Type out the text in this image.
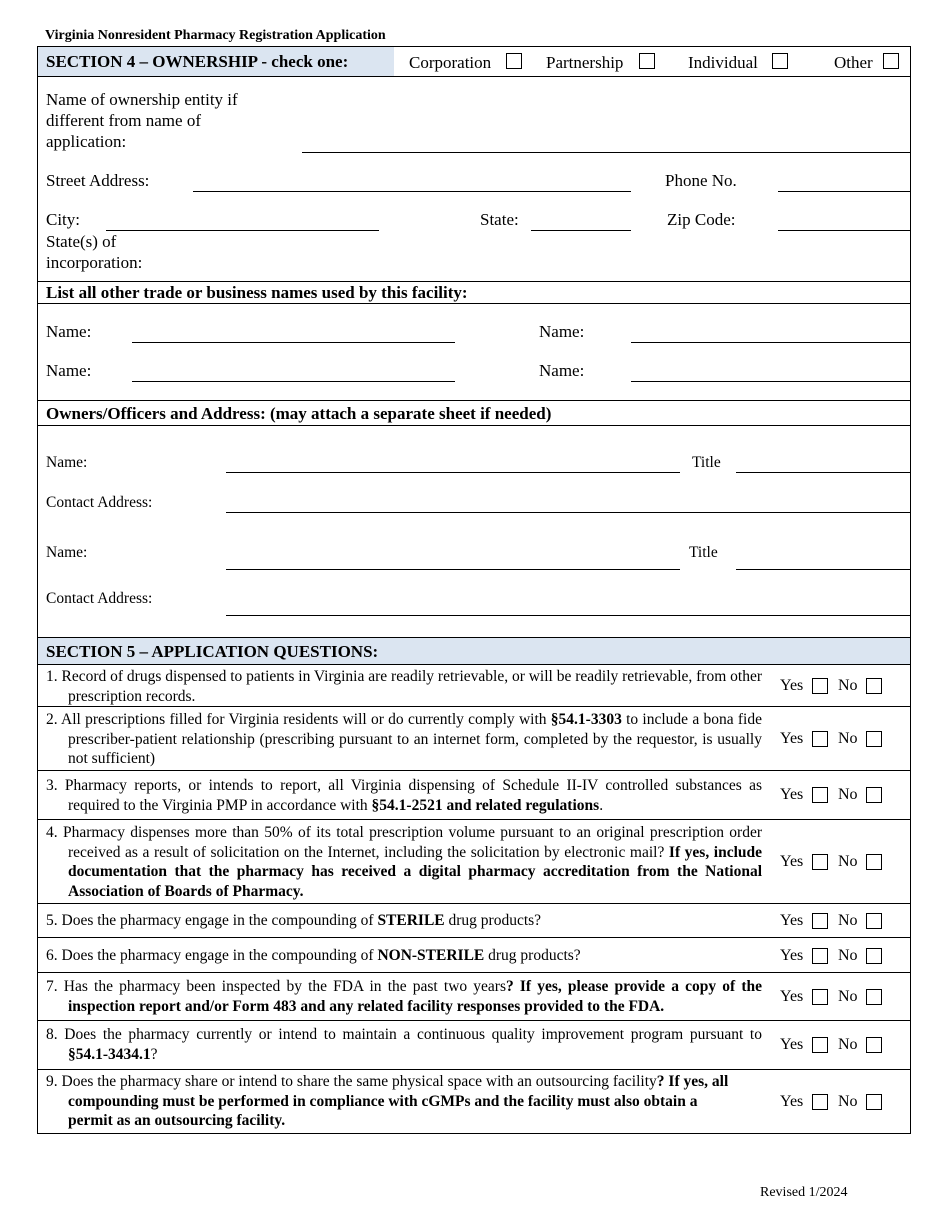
Virginia Nonresident Pharmacy Registration Application
SECTION 4 – OWNERSHIP - check one:	Corporation	Partnership	Individual	Other
Name of ownership entity if different from name of application:
Street Address:	Phone No.
City:	State:	Zip Code:
State(s) of incorporation:
List all other trade or business names used by this facility:
Name:	Name:
Name:	Name:
Owners/Officers and Address: (may attach a separate sheet if needed)
Name:	Title
Contact Address:
Name:	Title
Contact Address:
SECTION 5 – APPLICATION QUESTIONS:
1. Record of drugs dispensed to patients in Virginia are readily retrievable, or will be readily retrievable, from other prescription records.
Yes No
2. All prescriptions filled for Virginia residents will or do currently comply with §54.1-3303 to include a bona fide prescriber-patient relationship (prescribing pursuant to an internet form, completed by the requestor, is usually not sufficient)
Yes No
3. Pharmacy reports, or intends to report, all Virginia dispensing of Schedule II-IV controlled substances as required to the Virginia PMP in accordance with §54.1-2521 and related regulations.
Yes No
4. Pharmacy dispenses more than 50% of its total prescription volume pursuant to an original prescription order received as a result of solicitation on the Internet, including the solicitation by electronic mail? If yes, include documentation that the pharmacy has received a digital pharmacy accreditation from the National Association of Boards of Pharmacy.
Yes No
5. Does the pharmacy engage in the compounding of STERILE drug products?	Yes No
6. Does the pharmacy engage in the compounding of NON-STERILE drug products?	Yes No
7. Has the pharmacy been inspected by the FDA in the past two years? If yes, please provide a copy of the inspection report and/or Form 483 and any related facility responses provided to the FDA.
Yes No
8. Does the pharmacy currently or intend to maintain a continuous quality improvement program pursuant to §54.1-3434.1?
Yes No
9. Does the pharmacy share or intend to share the same physical space with an outsourcing facility? If yes, all compounding must be performed in compliance with cGMPs and the facility must also obtain a permit as an outsourcing facility.
Yes No
Revised 1/2024
